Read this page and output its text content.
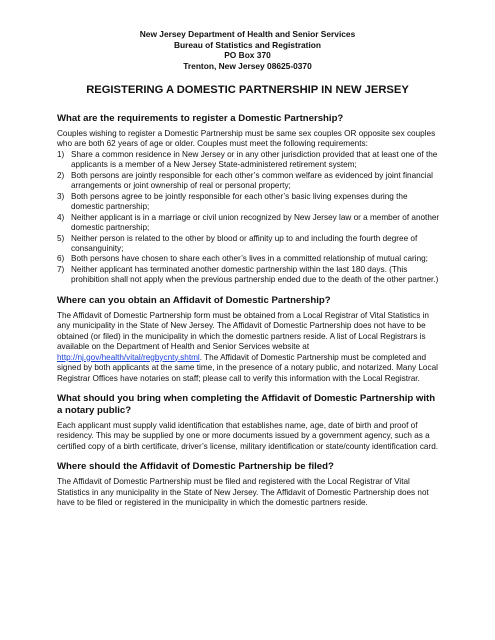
New Jersey Department of Health and Senior Services
Bureau of Statistics and Registration
PO Box 370
Trenton, New Jersey 08625-0370
REGISTERING A DOMESTIC PARTNERSHIP IN NEW JERSEY

What are the requirements to register a Domestic Partnership?

Couples wishing to register a Domestic Partnership must be same sex couples OR opposite sex couples who are both 62 years of age or older. Couples must meet the following requirements:

1) Share a common residence in New Jersey or in any other jurisdiction provided that at least one of the applicants is a member of a New Jersey State-administered retirement system;
2) Both persons are jointly responsible for each other’s common welfare as evidenced by joint financial arrangements or joint ownership of real or personal property;
3) Both persons agree to be jointly responsible for each other’s basic living expenses during the domestic partnership;
4) Neither applicant is in a marriage or civil union recognized by New Jersey law or a member of another domestic partnership;
5) Neither person is related to the other by blood or affinity up to and including the fourth degree of consanguinity;
6) Both persons have chosen to share each other’s lives in a committed relationship of mutual caring;
7) Neither applicant has terminated another domestic partnership within the last 180 days. (This prohibition shall not apply when the previous partnership ended due to the death of the other partner.)

Where can you obtain an Affidavit of Domestic Partnership?

The Affidavit of Domestic Partnership form must be obtained from a Local Registrar of Vital Statistics in any municipality in the State of New Jersey. The Affidavit of Domestic Partnership does not have to be obtained (or filed) in the municipality in which the domestic partners reside. A list of Local Registrars is available on the Department of Health and Senior Services website at http://nj.gov/health/vital/regbycnty.shtml. The Affidavit of Domestic Partnership must be completed and signed by both applicants at the same time, in the presence of a notary public, and notarized. Many Local Registrar Offices have notaries on staff; please call to verify this information with the Local Registrar.

What should you bring when completing the Affidavit of Domestic Partnership with a notary public?

Each applicant must supply valid identification that establishes name, age, date of birth and proof of residency. This may be supplied by one or more documents issued by a government agency, such as a certified copy of a birth certificate, driver’s license, military identification or state/county identification card.

Where should the Affidavit of Domestic Partnership be filed?

The Affidavit of Domestic Partnership must be filed and registered with the Local Registrar of Vital Statistics in any municipality in the State of New Jersey. The Affidavit of Domestic Partnership does not have to be filed or registered in the municipality in which the domestic partners reside.
